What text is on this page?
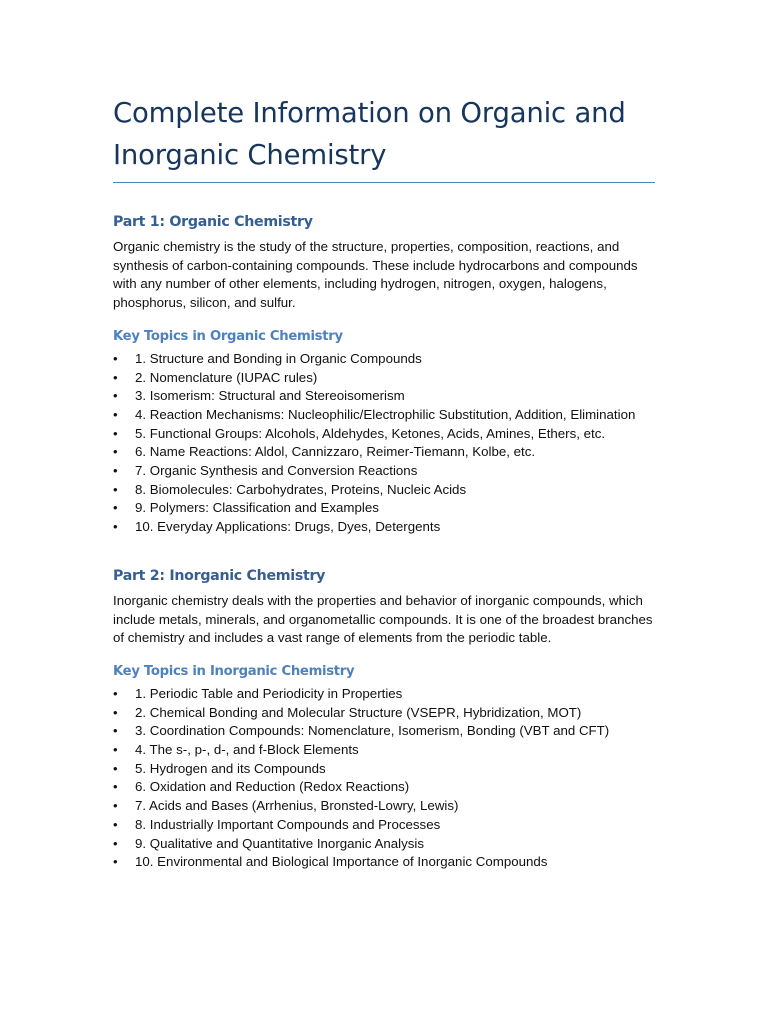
Complete Information on Organic and Inorganic Chemistry
Part 1: Organic Chemistry

Organic chemistry is the study of the structure, properties, composition, reactions, and synthesis of carbon-containing compounds. These include hydrocarbons and compounds with any number of other elements, including hydrogen, nitrogen, oxygen, halogens, phosphorus, silicon, and sulfur.

Key Topics in Organic Chemistry
•	1. Structure and Bonding in Organic Compounds
•	2. Nomenclature (IUPAC rules)
•	3. Isomerism: Structural and Stereoisomerism
•	4. Reaction Mechanisms: Nucleophilic/Electrophilic Substitution, Addition, Elimination
•	5. Functional Groups: Alcohols, Aldehydes, Ketones, Acids, Amines, Ethers, etc.
•	6. Name Reactions: Aldol, Cannizzaro, Reimer-Tiemann, Kolbe, etc.
•	7. Organic Synthesis and Conversion Reactions
•	8. Biomolecules: Carbohydrates, Proteins, Nucleic Acids
•	9. Polymers: Classification and Examples
•	10. Everyday Applications: Drugs, Dyes, Detergents
Part 2: Inorganic Chemistry

Inorganic chemistry deals with the properties and behavior of inorganic compounds, which include metals, minerals, and organometallic compounds. It is one of the broadest branches of chemistry and includes a vast range of elements from the periodic table.

Key Topics in Inorganic Chemistry
•	1. Periodic Table and Periodicity in Properties
•	2. Chemical Bonding and Molecular Structure (VSEPR, Hybridization, MOT)
•	3. Coordination Compounds: Nomenclature, Isomerism, Bonding (VBT and CFT)
•	4. The s-, p-, d-, and f-Block Elements
•	5. Hydrogen and its Compounds
•	6. Oxidation and Reduction (Redox Reactions)
•	7. Acids and Bases (Arrhenius, Bronsted-Lowry, Lewis)
•	8. Industrially Important Compounds and Processes
•	9. Qualitative and Quantitative Inorganic Analysis
•	10. Environmental and Biological Importance of Inorganic Compounds
